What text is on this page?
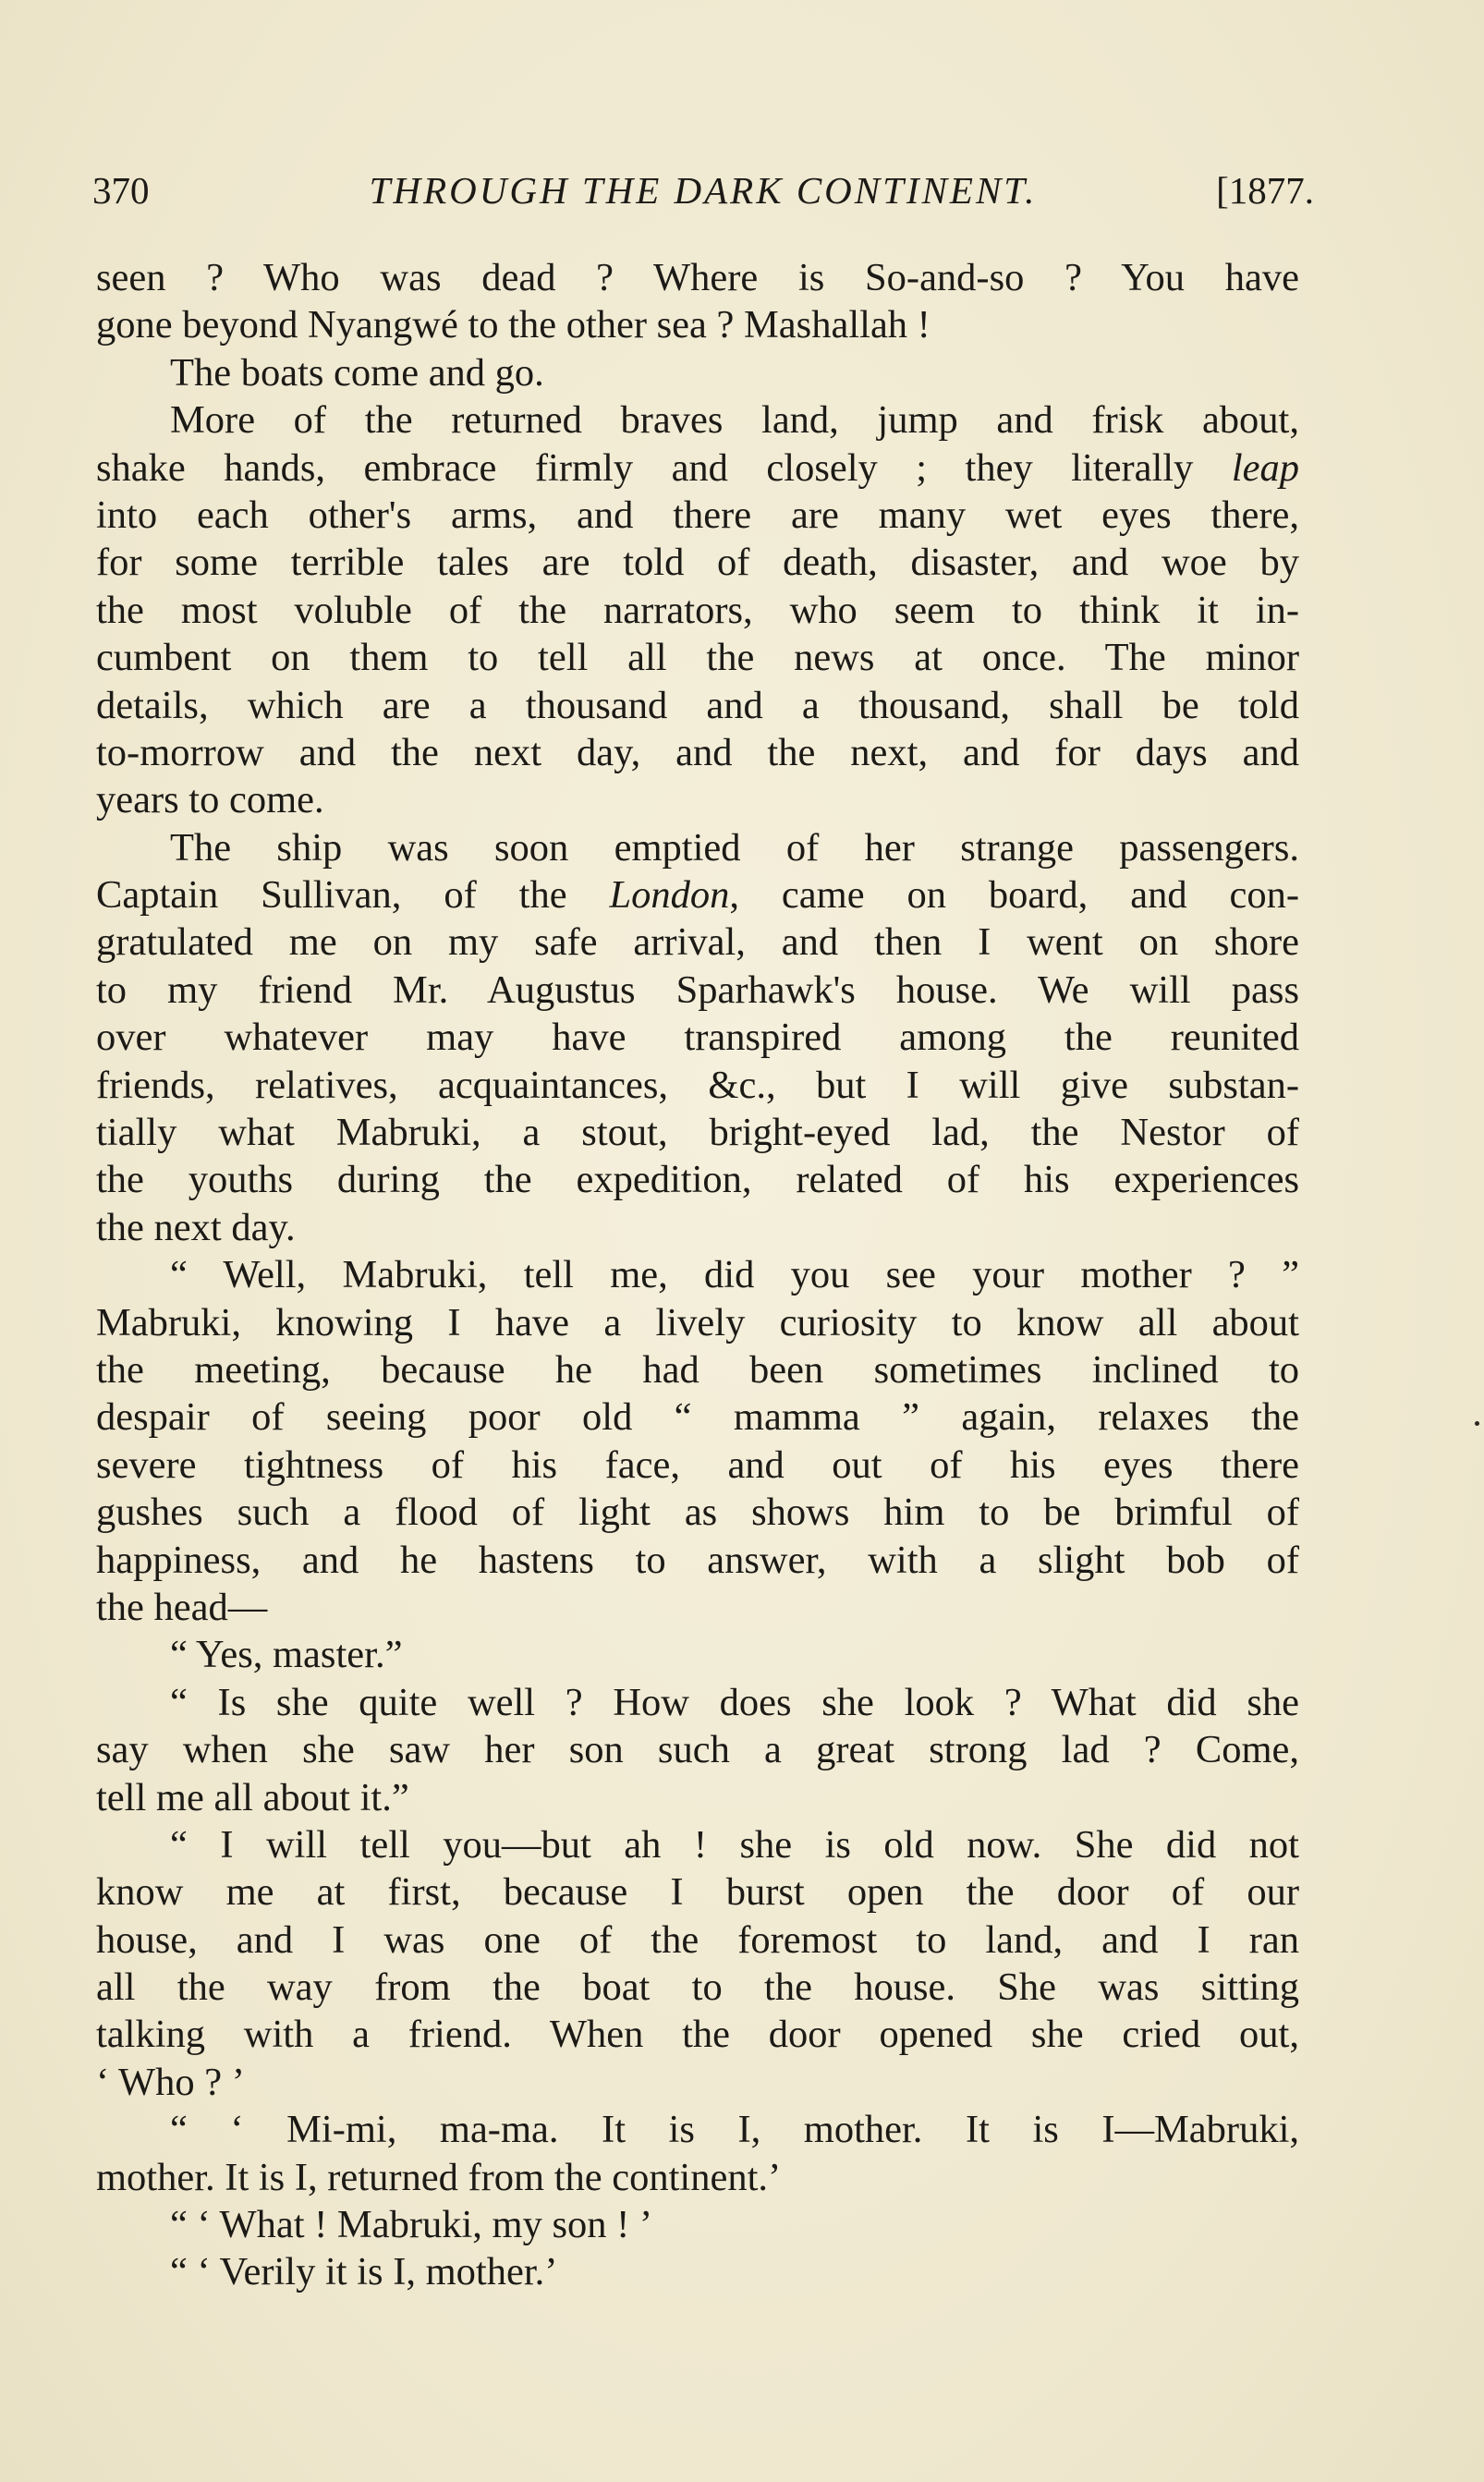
370	THROUGH THE DARK CONTINENT.	[1877.
seen ? Who was dead ? Where is So-and-so ? You have
gone beyond Nyangwé to the other sea ? Mashallah !
The boats come and go.
More of the returned braves land, jump and frisk about,
shake hands, embrace firmly and closely ; they literally leap
into each other's arms, and there are many wet eyes there,
for some terrible tales are told of death, disaster, and woe by
the most voluble of the narrators, who seem to think it in-
cumbent on them to tell all the news at once. The minor
details, which are a thousand and a thousand, shall be told
to-morrow and the next day, and the next, and for days and
years to come.
The ship was soon emptied of her strange passengers.
Captain Sullivan, of the London, came on board, and con-
gratulated me on my safe arrival, and then I went on shore
to my friend Mr. Augustus Sparhawk's house. We will pass
over whatever may have transpired among the reunited
friends, relatives, acquaintances, &c., but I will give substan-
tially what Mabruki, a stout, bright-eyed lad, the Nestor of
the youths during the expedition, related of his experiences
the next day.
“ Well, Mabruki, tell me, did you see your mother ? ”
Mabruki, knowing I have a lively curiosity to know all about
the meeting, because he had been sometimes inclined to
despair of seeing poor old “ mamma ” again, relaxes the
severe tightness of his face, and out of his eyes there
gushes such a flood of light as shows him to be brimful of
happiness, and he hastens to answer, with a slight bob of
the head—
“ Yes, master.”
“ Is she quite well ? How does she look ? What did she
say when she saw her son such a great strong lad ? Come,
tell me all about it.”
“ I will tell you—but ah ! she is old now. She did not
know me at first, because I burst open the door of our
house, and I was one of the foremost to land, and I ran
all the way from the boat to the house. She was sitting
talking with a friend. When the door opened she cried out,
‘ Who ? ’
“ ‘ Mi-mi, ma-ma. It is I, mother. It is I—Mabruki,
mother. It is I, returned from the continent.’
“ ‘ What ! Mabruki, my son ! ’
“ ‘ Verily it is I, mother.’
